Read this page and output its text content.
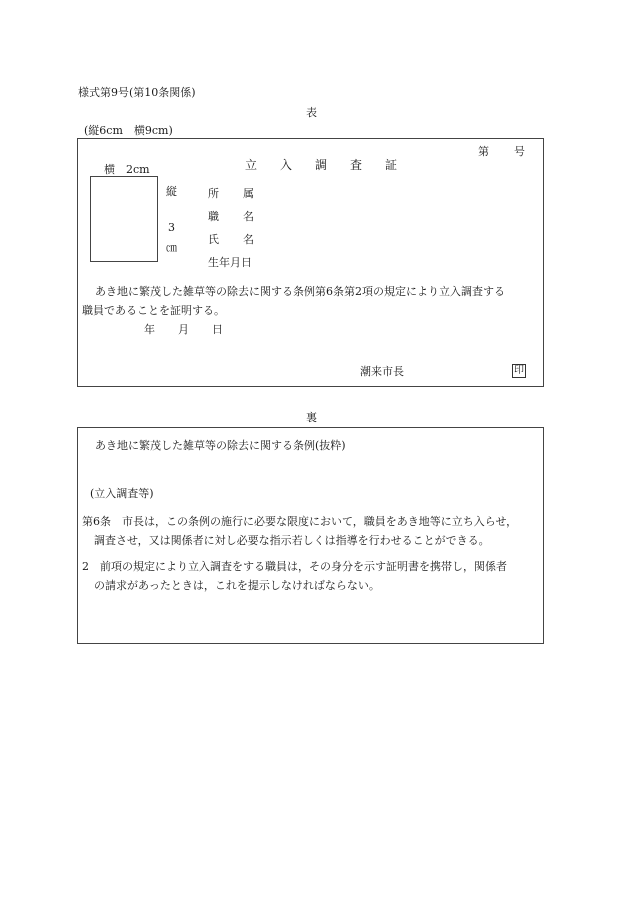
様式第9号(第10条関係)
表
(縦6cm　横9cm)
第 号
横　2cm
縦
3
㎝
立 入 調 査 証
所 属
職 名
氏 名
生年月日
あき地に繁茂した雑草等の除去に関する条例第6条第2項の規定により立入調査する
職員であることを証明する。
年 月 日
潮来市長	印
裏
あき地に繁茂した雑草等の除去に関する条例(抜粋)
(立入調査等)
第6条　市長は，この条例の施行に必要な限度において，職員をあき地等に立ち入らせ，
調査させ，又は関係者に対し必要な指示若しくは指導を行わせることができる。
2　前項の規定により立入調査をする職員は，その身分を示す証明書を携帯し，関係者
の請求があったときは，これを提示しなければならない。
